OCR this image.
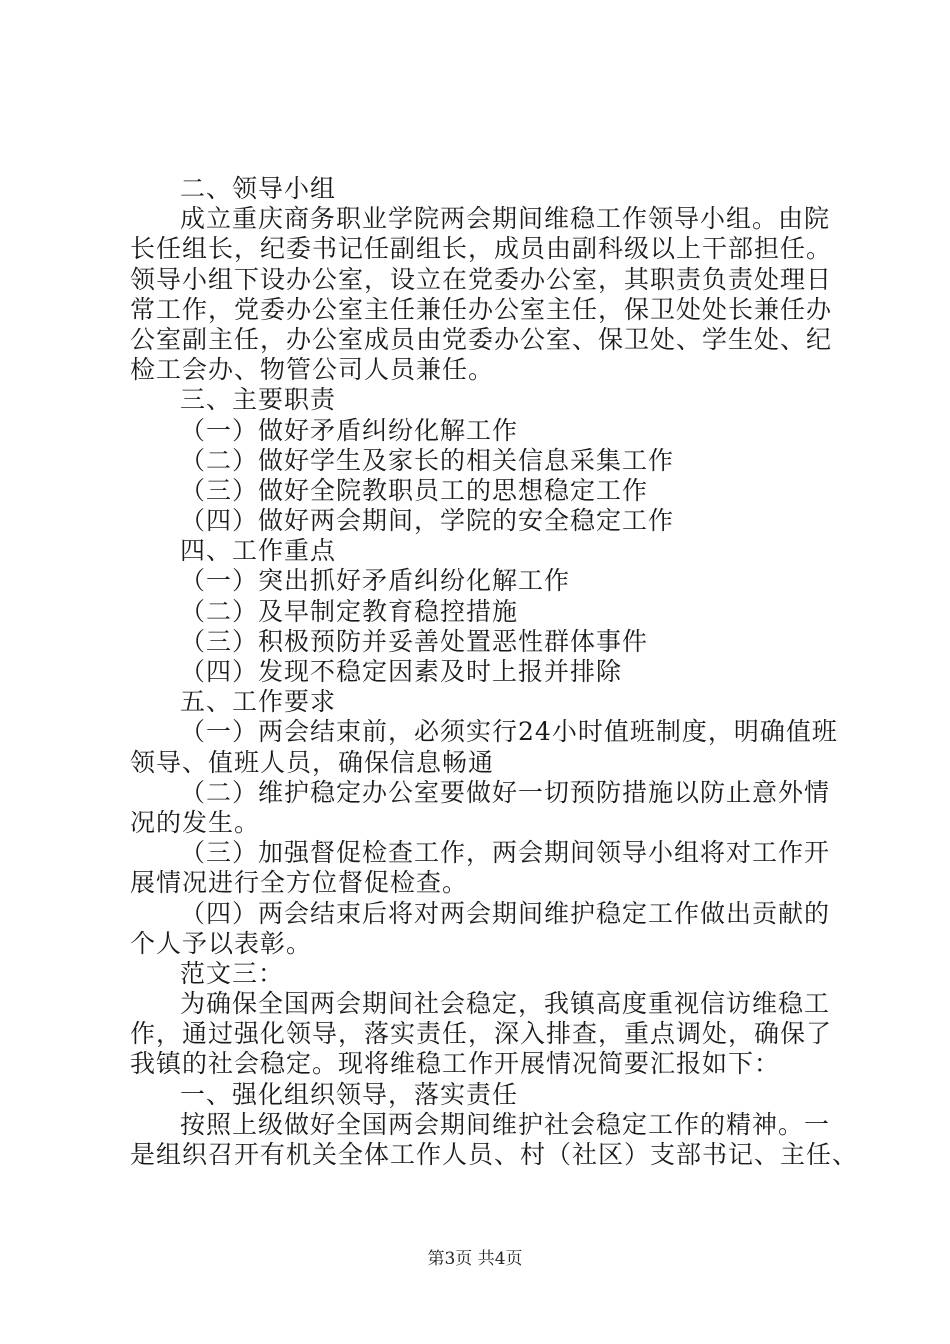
二、领导小组
成立重庆商务职业学院两会期间维稳工作领导小组。由院
长任组长，纪委书记任副组长，成员由副科级以上干部担任。
领导小组下设办公室，设立在党委办公室，其职责负责处理日
常工作，党委办公室主任兼任办公室主任，保卫处处长兼任办
公室副主任，办公室成员由党委办公室、保卫处、学生处、纪
检工会办、物管公司人员兼任。
三、主要职责
（一）做好矛盾纠纷化解工作
（二）做好学生及家长的相关信息采集工作
（三）做好全院教职员工的思想稳定工作
（四）做好两会期间，学院的安全稳定工作
四、工作重点
（一）突出抓好矛盾纠纷化解工作
（二）及早制定教育稳控措施
（三）积极预防并妥善处置恶性群体事件
（四）发现不稳定因素及时上报并排除
五、工作要求
（一）两会结束前，必须实行24小时值班制度，明确值班
领导、值班人员，确保信息畅通
（二）维护稳定办公室要做好一切预防措施以防止意外情
况的发生。
（三）加强督促检查工作，两会期间领导小组将对工作开
展情况进行全方位督促检查。
（四）两会结束后将对两会期间维护稳定工作做出贡献的
个人予以表彰。
范文三：
为确保全国两会期间社会稳定，我镇高度重视信访维稳工
作，通过强化领导，落实责任，深入排查，重点调处，确保了
我镇的社会稳定。现将维稳工作开展情况简要汇报如下：
一、强化组织领导，落实责任
按照上级做好全国两会期间维护社会稳定工作的精神。一
是组织召开有机关全体工作人员、村（社区）支部书记、主任、
第3页 共4页
